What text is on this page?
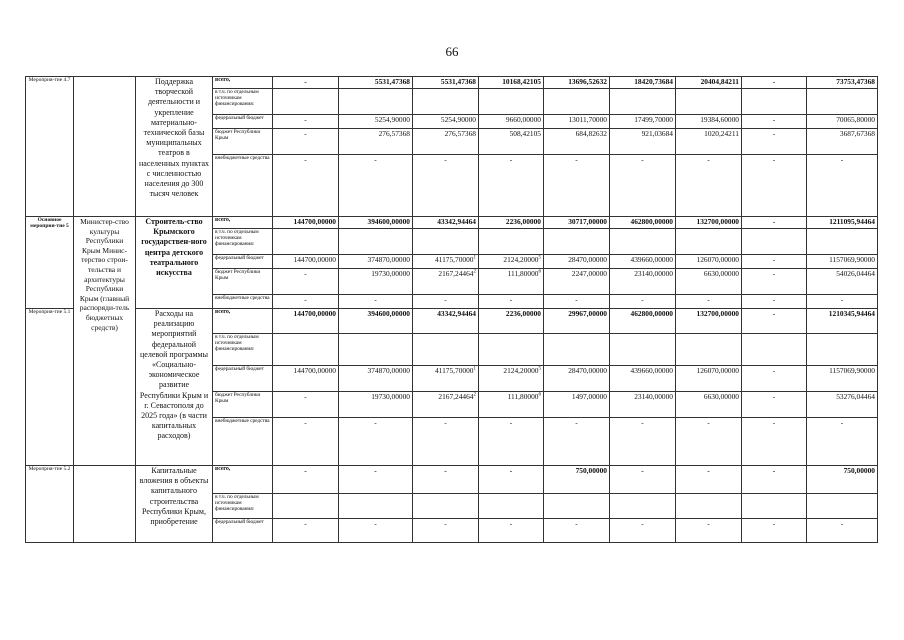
66
Мероприя-тие 4.7		Поддержка творческой деятельности и укрепление материально-технической базы муниципальных театров в населенных пунктах с численностью населения до 300 тысяч человек	всего,	-	5531,47368	5531,47368	10168,42105	13696,52632	18420,73684	20404,84211	-	73753,47368
			в т.ч. по отдельным источникам финансирования:									
			федеральный бюджет	-	5254,90000	5254,90000	9660,00000	13011,70000	17499,70000	19384,60000	-	70065,80000
			бюджет Республики Крым	-	276,57368	276,57368	508,42105	684,82632	921,03684	1020,24211	-	3687,67368
			внебюджетные средства	-	-	-	-	-	-	-	-	-
Основное мероприя-тие 5	Министер-ство культуры Республики Крым Минис-терство строи-тельства и архитектуры Республики Крым (главный распоряди-тель бюджетных средств)	Строитель-ство Крымского государствен-ного центра детского театрального искусства	всего,	144700,00000	394600,00000	43342,94464	2236,00000	30717,00000	462800,00000	132700,00000	-	1211095,94464
			в т.ч. по отдельным источникам финансирования:									
			федеральный бюджет	144700,00000	374870,00000	41175,70000$^1$	2124,20000$^5$	28470,00000	439660,00000	126070,00000	-	1157069,90000
			бюджет Республики Крым	-	19730,00000	2167,24464$^2$	111,80000$^6$	2247,00000	23140,00000	6630,00000	-	54026,04464
			внебюджетные средства	-	-	-	-	-	-	-	-	-
Мероприя-тие 5.1		Расходы на реализацию мероприятий федеральной целевой программы «Социально-экономическое развитие Республики Крым и г. Севастополя до 2025 года» (в части капитальных расходов)	всего,	144700,00000	394600,00000	43342,94464	2236,00000	29967,00000	462800,00000	132700,00000	-	1210345,94464
			в т.ч. по отдельным источникам финансирования:									
			федеральный бюджет	144700,00000	374870,00000	41175,70000$^1$	2124,20000$^5$	28470,00000	439660,00000	126070,00000	-	1157069,90000
			бюджет Республики Крым	-	19730,00000	2167,24464$^2$	111,80000$^6$	1497,00000	23140,00000	6630,00000	-	53276,04464
			внебюджетные средства	-	-	-	-	-	-	-	-	-
Мероприя-тие 5.2		Капитальные вложения в объекты капитального строительства Республики Крым, приобретение	всего,	-	-	-	-	750,00000	-	-	-	750,00000
			в т.ч. по отдельным источникам финансирования:									
			федеральный бюджет	-	-	-	-	-	-	-	-	-
